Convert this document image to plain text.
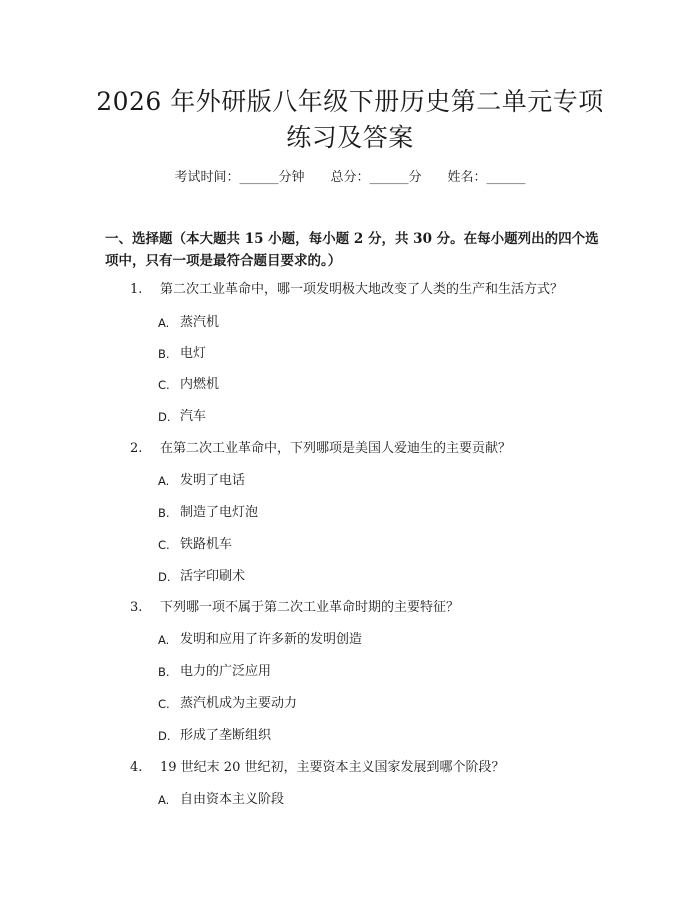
2026 年外研版八年级下册历史第二单元专项
练习及答案
考试时间：______分钟 总分：______分 姓名：______
一、选择题（本大题共 15 小题，每小题 2 分，共 30 分。在每小题列出的四个选项中，只有一项是最符合题目要求的。）
1. 第二次工业革命中，哪一项发明极大地改变了人类的生产和生活方式？
A. 蒸汽机
B. 电灯
C. 内燃机
D. 汽车
2. 在第二次工业革命中，下列哪项是美国人爱迪生的主要贡献？
A. 发明了电话
B. 制造了电灯泡
C. 铁路机车
D. 活字印刷术
3. 下列哪一项不属于第二次工业革命时期的主要特征？
A. 发明和应用了许多新的发明创造
B. 电力的广泛应用
C. 蒸汽机成为主要动力
D. 形成了垄断组织
4. 19 世纪末 20 世纪初，主要资本主义国家发展到哪个阶段？
A. 自由资本主义阶段
